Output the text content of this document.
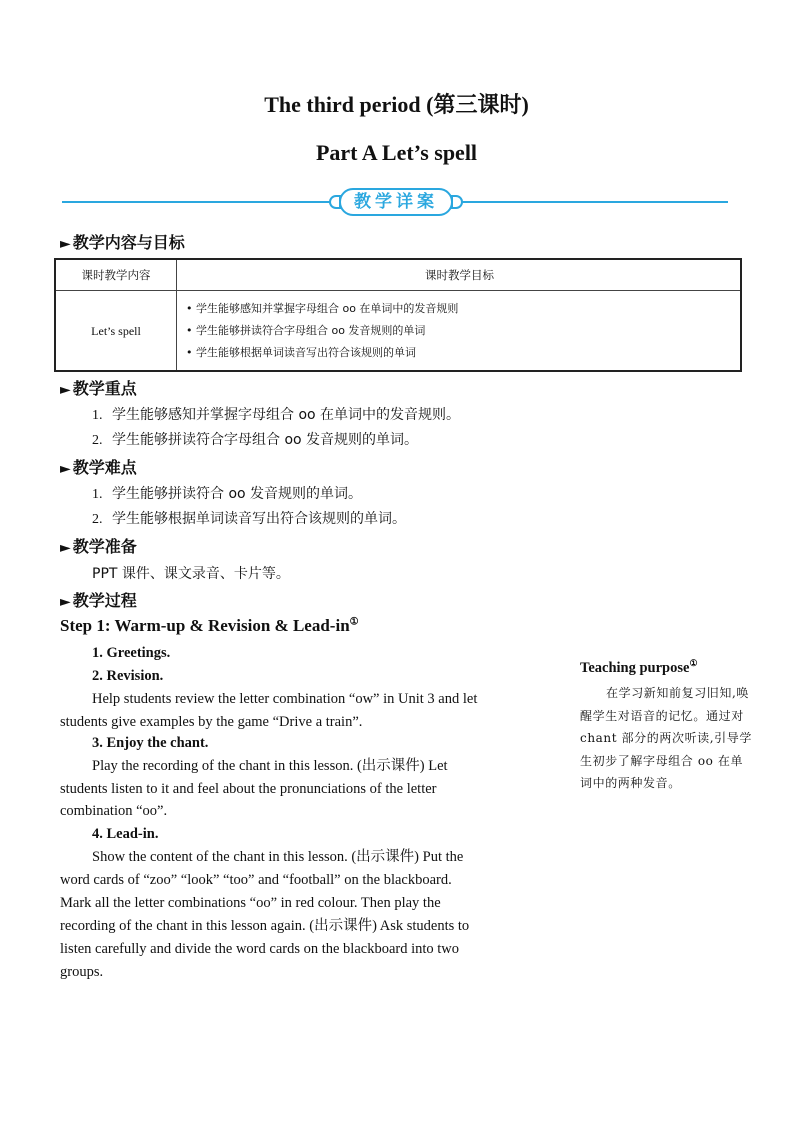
The third period (第三课时)
Part A Let’s spell
教学详案
► 教学内容与目标
课时教学内容	课时教学目标
Let’s spell
• 学生能够感知并掌握字母组合 oo 在单词中的发音规则
• 学生能够拼读符合字母组合 oo 发音规则的单词
• 学生能够根据单词读音写出符合该规则的单词
► 教学重点
1. 学生能够感知并掌握字母组合 oo 在单词中的发音规则。
2. 学生能够拼读符合字母组合 oo 发音规则的单词。
► 教学难点
1. 学生能够拼读符合 oo 发音规则的单词。
2. 学生能够根据单词读音写出符合该规则的单词。
► 教学准备
PPT 课件、课文录音、卡片等。
► 教学过程
Step 1: Warm-up & Revision & Lead-in①
1. Greetings.
2. Revision.
Help students review the letter combination “ow” in Unit 3 and let
students give examples by the game “Drive a train”.
3. Enjoy the chant.
Play the recording of the chant in this lesson. (出示课件) Let
students listen to it and feel about the pronunciations of the letter
combination “oo”.
4. Lead-in.
Show the content of the chant in this lesson. (出示课件) Put the
word cards of “zoo” “look” “too” and “football” on the blackboard.
Mark all the letter combinations “oo” in red colour. Then play the
recording of the chant in this lesson again. (出示课件) Ask students to
listen carefully and divide the word cards on the blackboard into two
groups.
Teaching purpose①
在学习新知前复习旧知,唤醒学生对语音的记忆。通过对 chant 部分的两次听读,引导学生初步了解字母组合 oo 在单词中的两种发音。
